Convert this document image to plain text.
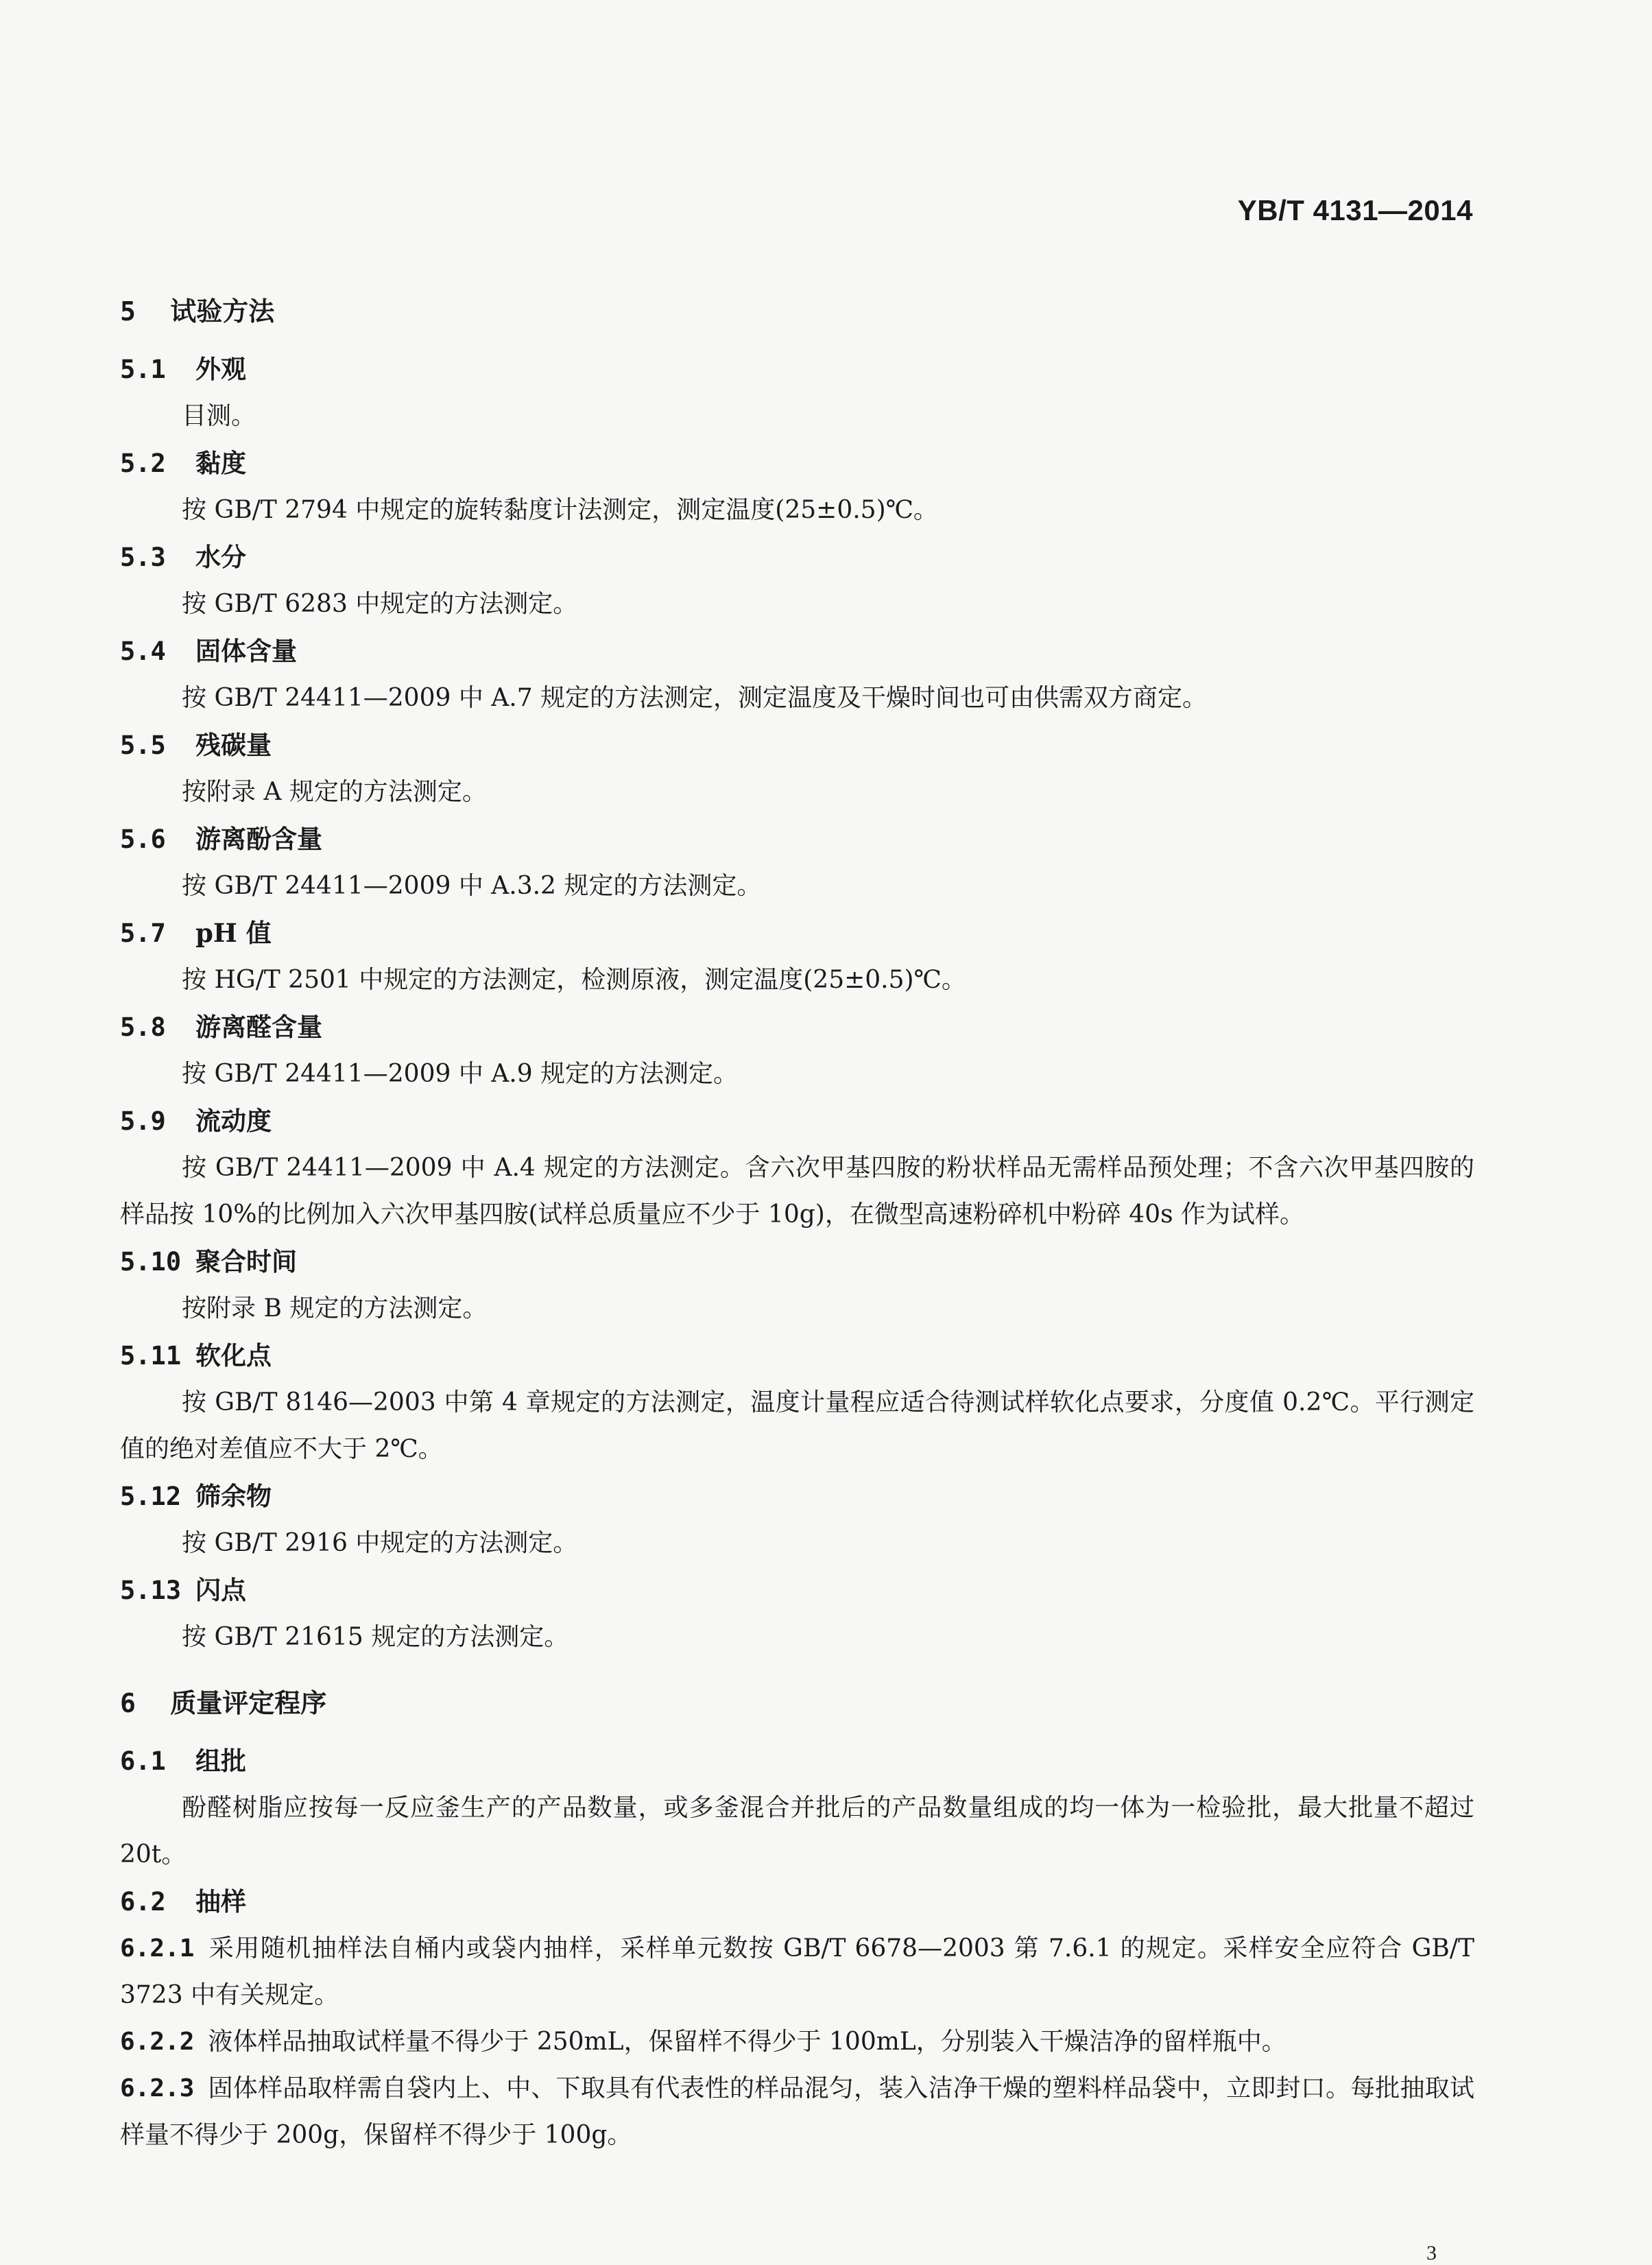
YB/T 4131—2014
5 试验方法
5.1 外观
目测。
5.2 黏度
按 GB/T 2794 中规定的旋转黏度计法测定，测定温度(25±0.5)℃。
5.3 水分
按 GB/T 6283 中规定的方法测定。
5.4 固体含量
按 GB/T 24411—2009 中 A.7 规定的方法测定，测定温度及干燥时间也可由供需双方商定。
5.5 残碳量
按附录 A 规定的方法测定。
5.6 游离酚含量
按 GB/T 24411—2009 中 A.3.2 规定的方法测定。
5.7 pH 值
按 HG/T 2501 中规定的方法测定，检测原液，测定温度(25±0.5)℃。
5.8 游离醛含量
按 GB/T 24411—2009 中 A.9 规定的方法测定。
5.9 流动度
按 GB/T 24411—2009 中 A.4 规定的方法测定。含六次甲基四胺的粉状样品无需样品预处理；不含六次甲基四胺的样品按 10%的比例加入六次甲基四胺(试样总质量应不少于 10g)，在微型高速粉碎机中粉碎 40s 作为试样。
5.10 聚合时间
按附录 B 规定的方法测定。
5.11 软化点
按 GB/T 8146—2003 中第 4 章规定的方法测定，温度计量程应适合待测试样软化点要求，分度值 0.2℃。平行测定值的绝对差值应不大于 2℃。
5.12 筛余物
按 GB/T 2916 中规定的方法测定。
5.13 闪点
按 GB/T 21615 规定的方法测定。
6 质量评定程序
6.1 组批
酚醛树脂应按每一反应釜生产的产品数量，或多釜混合并批后的产品数量组成的均一体为一检验批，最大批量不超过 20t。
6.2 抽样
6.2.1 采用随机抽样法自桶内或袋内抽样，采样单元数按 GB/T 6678—2003 第 7.6.1 的规定。采样安全应符合 GB/T 3723 中有关规定。
6.2.2 液体样品抽取试样量不得少于 250mL，保留样不得少于 100mL，分别装入干燥洁净的留样瓶中。
6.2.3 固体样品取样需自袋内上、中、下取具有代表性的样品混匀，装入洁净干燥的塑料样品袋中，立即封口。每批抽取试样量不得少于 200g，保留样不得少于 100g。
3
